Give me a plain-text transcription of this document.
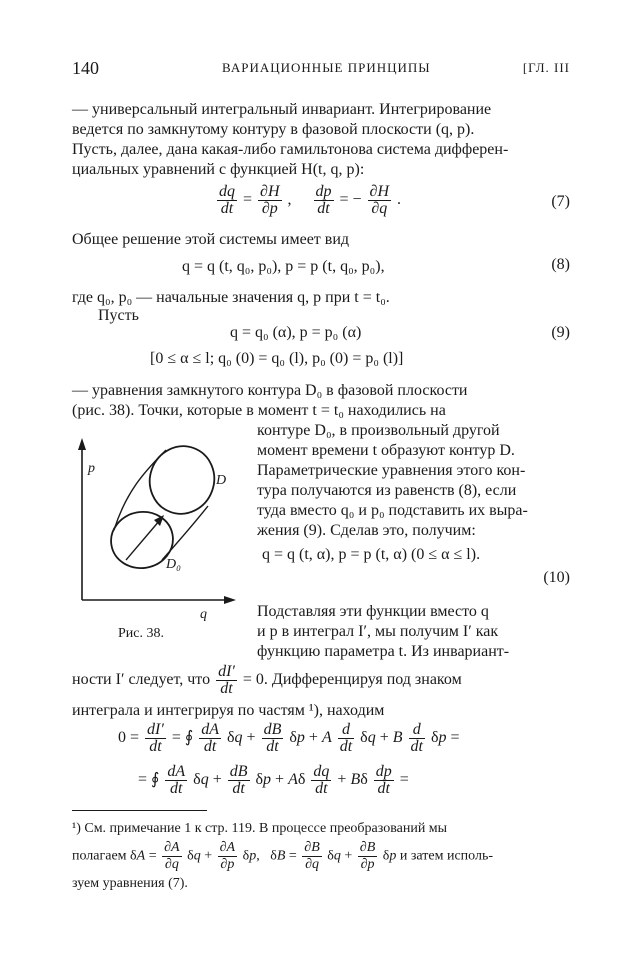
140	ВАРИАЦИОННЫЕ ПРИНЦИПЫ	[ГЛ. III

— универсальный интегральный инвариант. Интегрирование

ведется по замкнутому контуру в фазовой плоскости (q, p).

Пусть, далее, дана какая-либо гамильтонова система дифферен-

циальных уравнений с функцией H(t, q, p):

$\frac{dq}{dt} = \frac{\partial H}{\partial p}$ , $\frac{dp}{dt}$ = − $\frac{\partial H}{\partial q}$ .	(7)

Общее решение этой системы имеет вид

q = q (t, q₀, p₀), p = p (t, q₀, p₀),	(8)

где q₀, p₀ — начальные значения q, p при t = t₀.

Пусть

q = q₀ (α), p = p₀ (α)	(9)
[0 ≤ α ≤ l; q₀ (0) = q₀ (l), p₀ (0) = p₀ (l)]

— уравнения замкнутого контура D₀ в фазовой плоскости

(рис. 38). Точки, которые в момент t = t₀ находились на

контуре D₀, в произвольный другой

момент времени t образуют контур D.

Параметрические уравнения этого кон-

тура получаются из равенств (8), если

туда вместо q₀ и p₀ подставить их выра-

жения (9). Сделав это, получим:

q = q (t, α), p = p (t, α) (0 ≤ α ≤ l).
(10)
p
q
D
D₀
Рис. 38.

Подставляя эти функции вместо q

и p в интеграл I′, мы получим I′ как

функцию параметра t. Из инвариант-

ности I′ следует, что $\frac{dI'}{dt} = 0$. Дифференцируя под знаком

интеграла и интегрируя по частям ¹), находим

$0 = \frac{dI'}{dt}$ = ∮ $\frac{dA}{dt}$ $\delta q + \frac{dB}{dt}$ δp + A $\frac{d}{dt}$ δq + B $\frac{d}{dt}$ δp =
= ∮ $\frac{dA}{dt}$ $\delta q + \frac{dB}{dt}$ δp + Aδ $\frac{dq}{dt} + B\delta \frac{dp}{dt}$ =
¹) См. примечание 1 к стр. 119. В процессе преобразований мы
полагаем $\delta A = \frac{\partial A}{\partial q}$ $\delta q + \frac{\partial A}{\partial p} \delta p$,   $\delta B = \frac{\partial B}{\partial q}$ $\delta q + \frac{\partial B}{\partial p}$ δp и затем исполь-
зуем уравнения (7).
